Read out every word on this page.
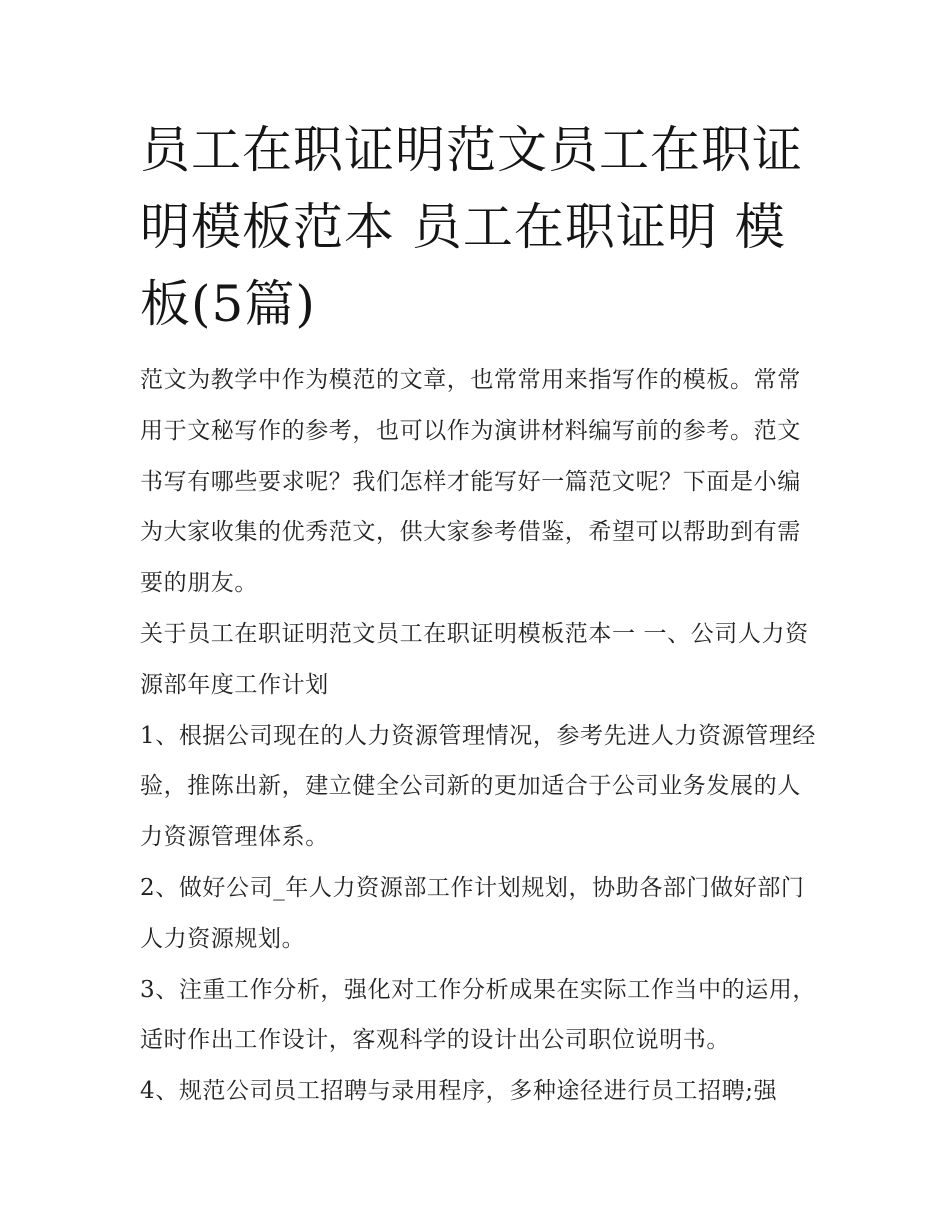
员工在职证明范文员工在职证明模板范本 员工在职证明 模板(5篇)

范文为教学中作为模范的文章，也常常用来指写作的模板。常常用于文秘写作的参考，也可以作为演讲材料编写前的参考。范文书写有哪些要求呢？我们怎样才能写好一篇范文呢？下面是小编为大家收集的优秀范文，供大家参考借鉴，希望可以帮助到有需要的朋友。

关于员工在职证明范文员工在职证明模板范本一 一、公司人力资源部年度工作计划

1、根据公司现在的人力资源管理情况，参考先进人力资源管理经验，推陈出新，建立健全公司新的更加适合于公司业务发展的人力资源管理体系。

2、做好公司_年人力资源部工作计划规划，协助各部门做好部门人力资源规划。

3、注重工作分析，强化对工作分析成果在实际工作当中的运用，适时作出工作设计，客观科学的设计出公司职位说明书。

4、规范公司员工招聘与录用程序，多种途径进行员工招聘;强
